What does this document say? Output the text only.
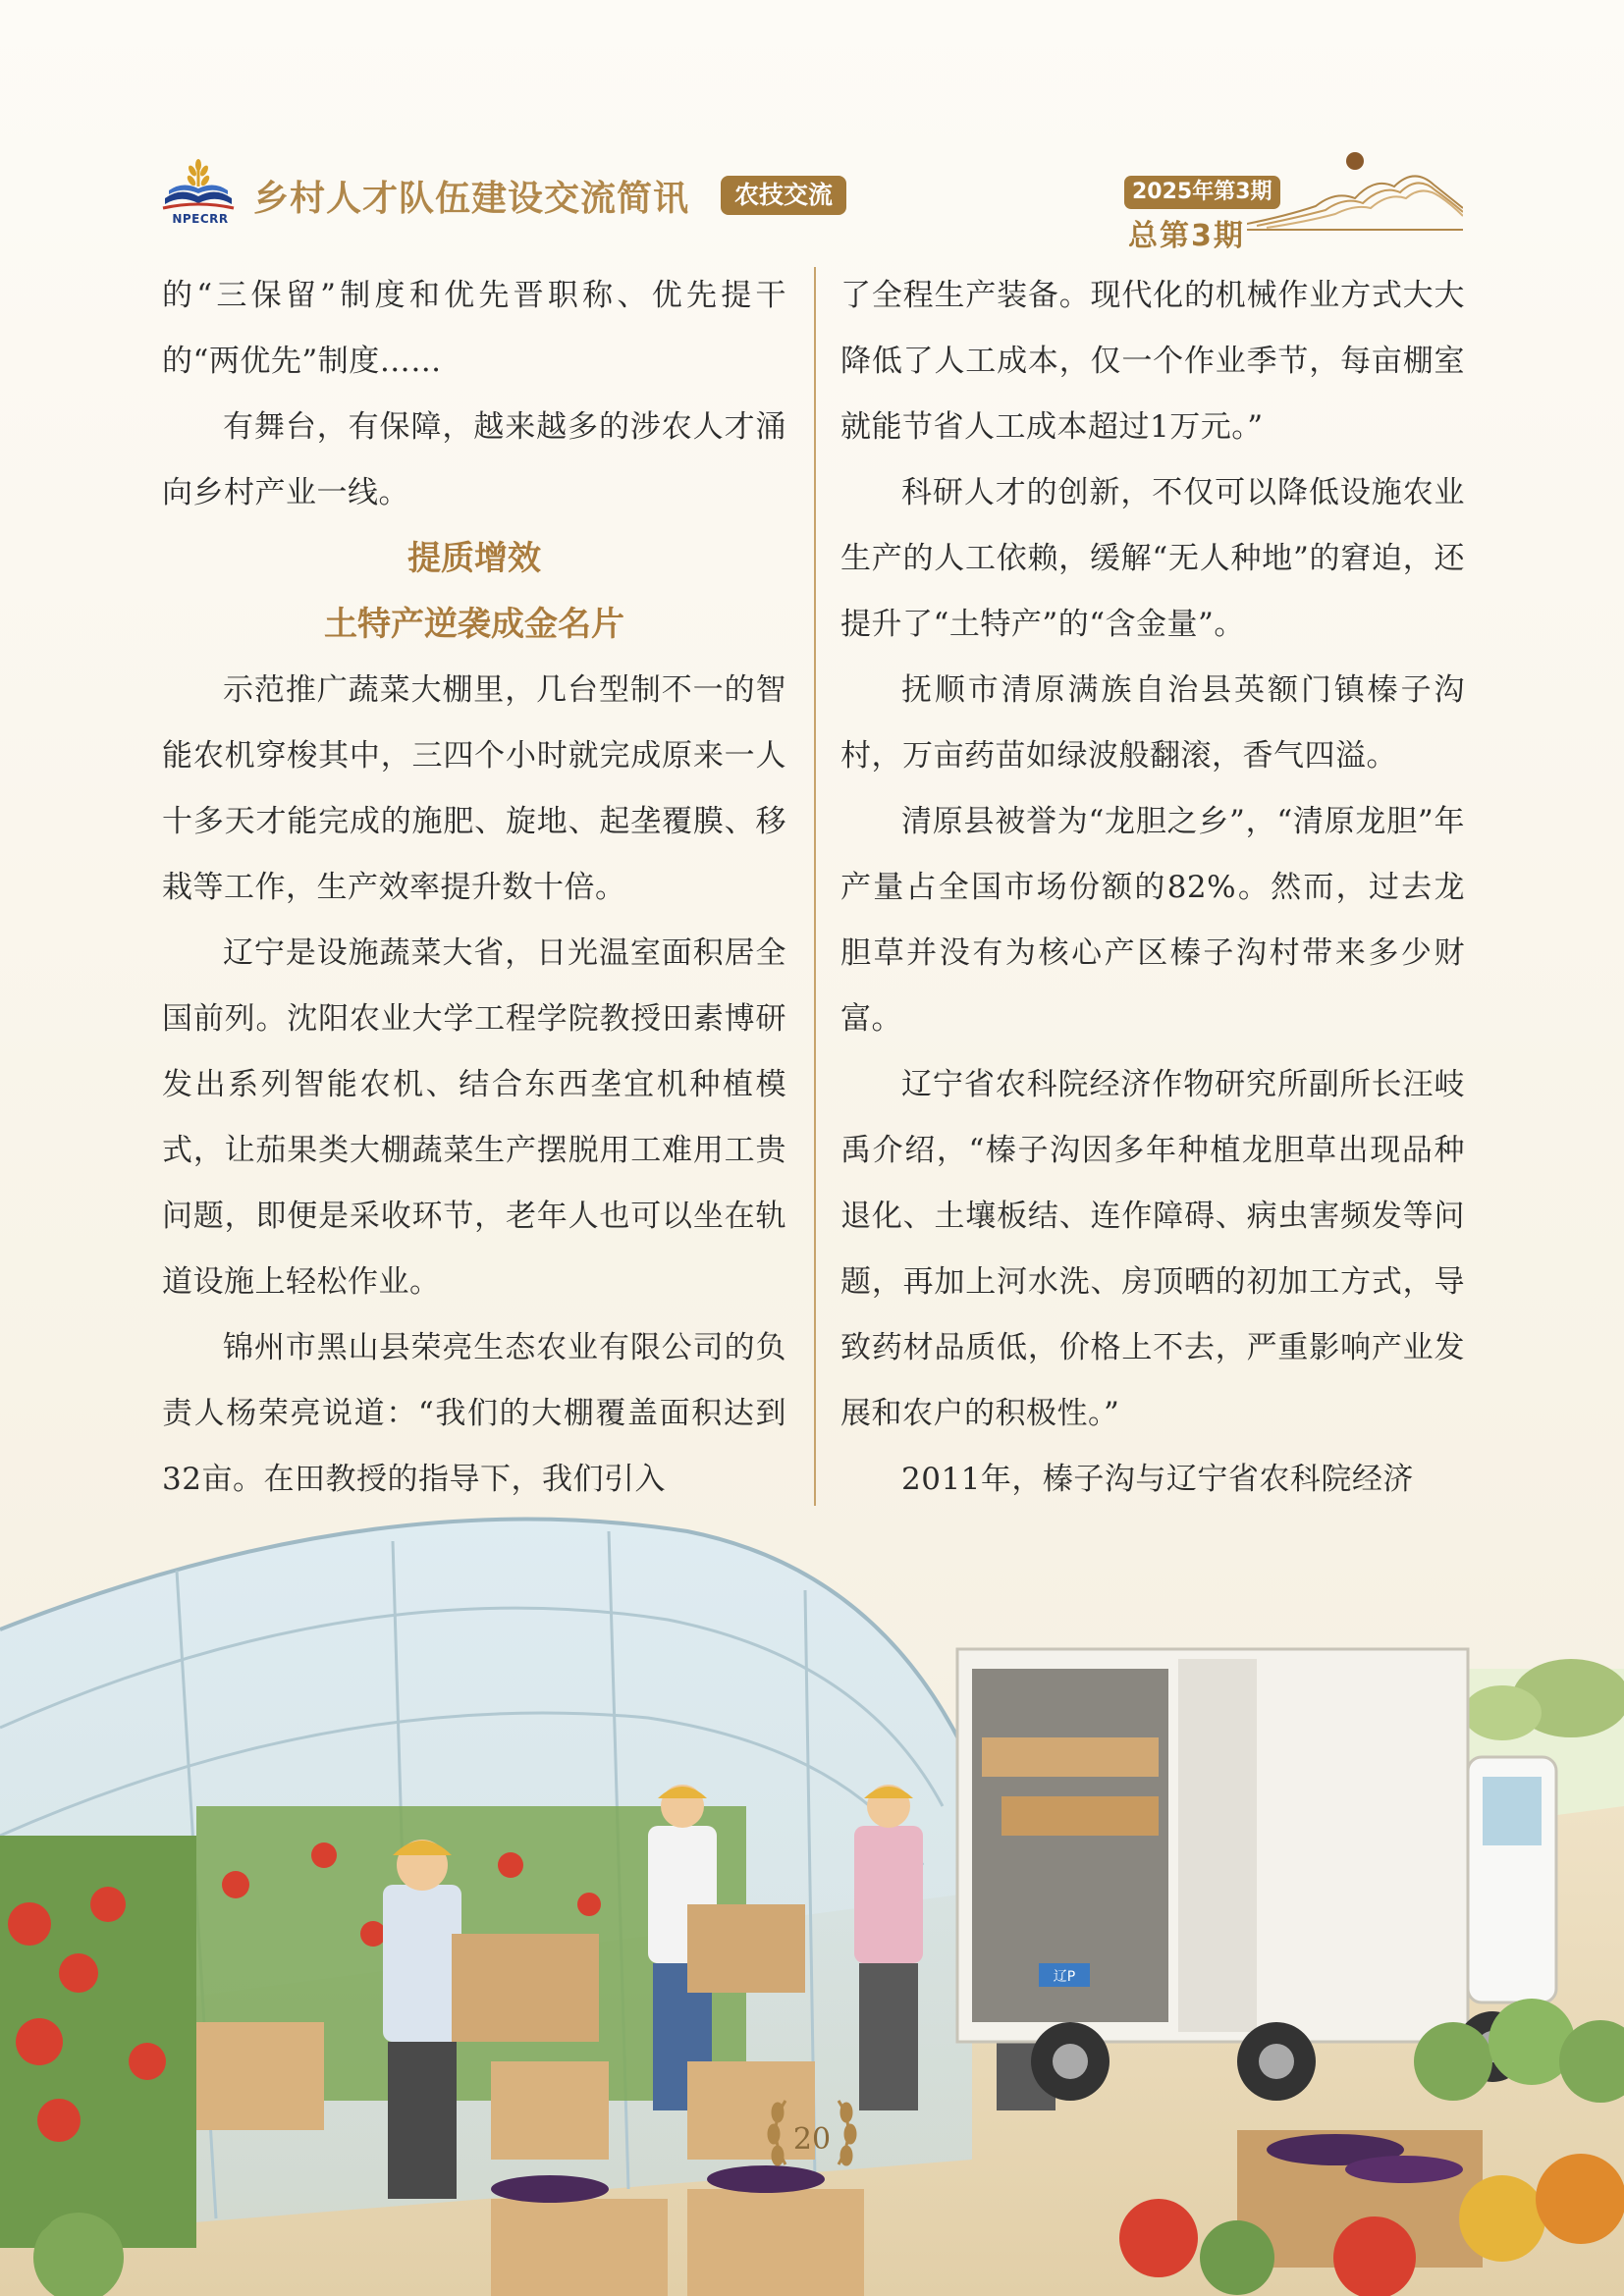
NPECRR 乡村人才队伍建设交流简讯	农技交流	2025年第3期
总第3期

的“三保留”制度和优先晋职称、优先提干的“两优先”制度……

有舞台，有保障，越来越多的涉农人才涌向乡村产业一线。

提质增效
土特产逆袭成金名片

示范推广蔬菜大棚里，几台型制不一的智能农机穿梭其中，三四个小时就完成原来一人十多天才能完成的施肥、旋地、起垄覆膜、移栽等工作，生产效率提升数十倍。

辽宁是设施蔬菜大省，日光温室面积居全国前列。沈阳农业大学工程学院教授田素博研发出系列智能农机、结合东西垄宜机种植模式，让茄果类大棚蔬菜生产摆脱用工难用工贵问题，即便是采收环节，老年人也可以坐在轨道设施上轻松作业。

锦州市黑山县荣亮生态农业有限公司的负责人杨荣亮说道：“我们的大棚覆盖面积达到32亩。在田教授的指导下，我们引入

了全程生产装备。现代化的机械作业方式大大降低了人工成本，仅一个作业季节，每亩棚室就能节省人工成本超过1万元。”

科研人才的创新，不仅可以降低设施农业生产的人工依赖，缓解“无人种地”的窘迫，还提升了“土特产”的“含金量”。

抚顺市清原满族自治县英额门镇榛子沟村，万亩药苗如绿波般翻滚，香气四溢。

清原县被誉为“龙胆之乡”，“清原龙胆”年产量占全国市场份额的82%。然而，过去龙胆草并没有为核心产区榛子沟村带来多少财富。

辽宁省农科院经济作物研究所副所长汪岐禹介绍，“榛子沟因多年种植龙胆草出现品种退化、土壤板结、连作障碍、病虫害频发等问题，再加上河水洗、房顶晒的初加工方式，导致药材品质低，价格上不去，严重影响产业发展和农户的积极性。”

2011年，榛子沟与辽宁省农科院经济

辽P
20
